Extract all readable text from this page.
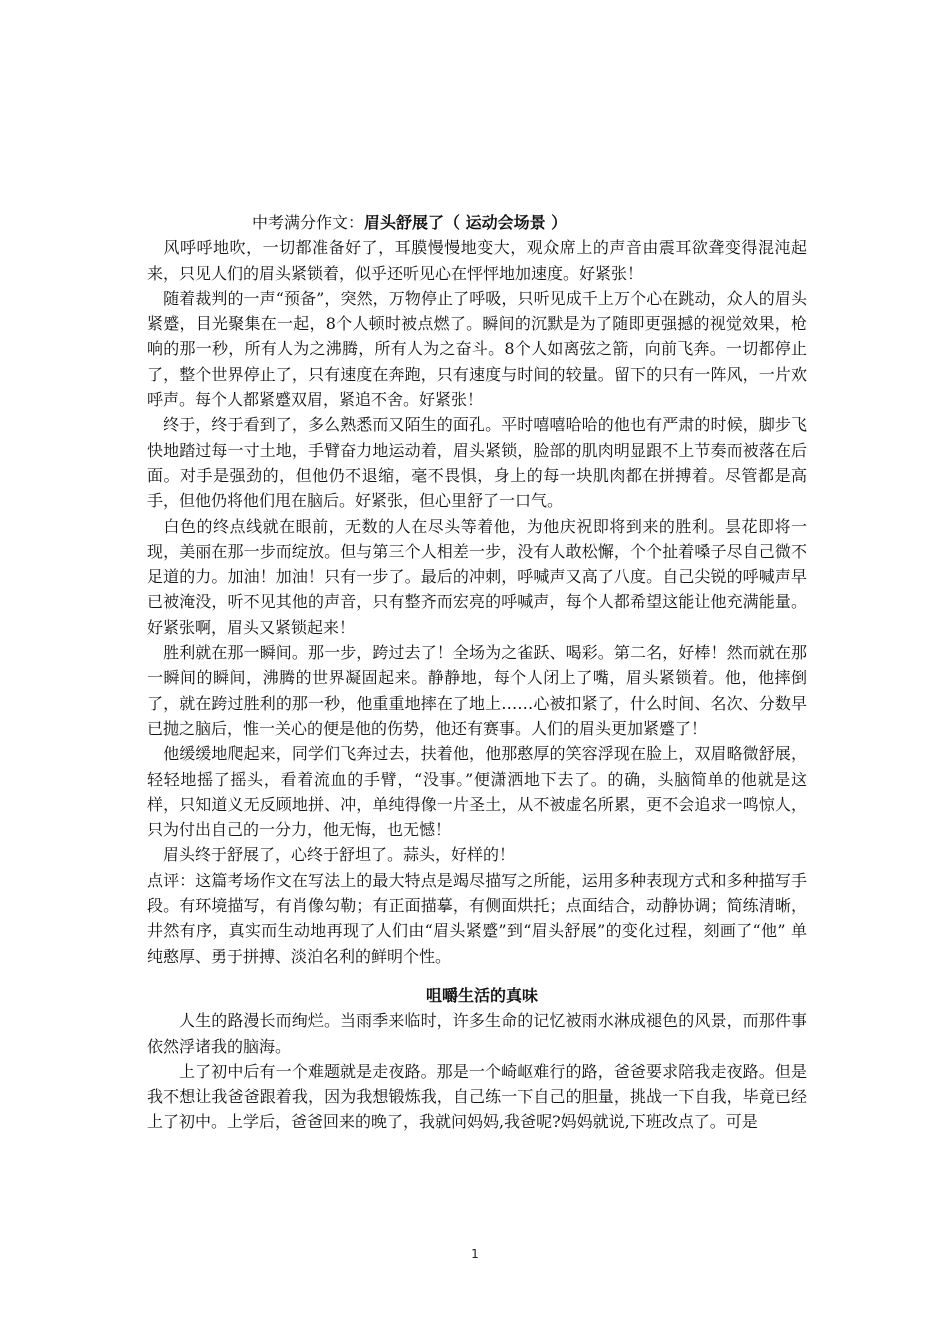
中考满分作文：眉头舒展了（ 运动会场景 ）

风呼呼地吹，一切都准备好了，耳膜慢慢地变大，观众席上的声音由震耳欲聋变得混沌起来，只见人们的眉头紧锁着，似乎还听见心在怦怦地加速度。好紧张！

随着裁判的一声“预备”，突然，万物停止了呼吸，只听见成千上万个心在跳动，众人的眉头紧蹙，目光聚集在一起，8个人顿时被点燃了。瞬间的沉默是为了随即更强撼的视觉效果，枪响的那一秒，所有人为之沸腾，所有人为之奋斗。8个人如离弦之箭，向前飞奔。一切都停止了，整个世界停止了，只有速度在奔跑，只有速度与时间的较量。留下的只有一阵风，一片欢呼声。每个人都紧蹙双眉，紧追不舍。好紧张！

终于，终于看到了，多么熟悉而又陌生的面孔。平时嘻嘻哈哈的他也有严肃的时候，脚步飞快地踏过每一寸土地，手臂奋力地运动着，眉头紧锁，脸部的肌肉明显跟不上节奏而被落在后面。对手是强劲的，但他仍不退缩，毫不畏惧，身上的每一块肌肉都在拼搏着。尽管都是高手，但他仍将他们甩在脑后。好紧张，但心里舒了一口气。

白色的终点线就在眼前，无数的人在尽头等着他，为他庆祝即将到来的胜利。昙花即将一现，美丽在那一步而绽放。但与第三个人相差一步，没有人敢松懈，个个扯着嗓子尽自己微不足道的力。加油！加油！只有一步了。最后的冲刺，呼喊声又高了八度。自己尖锐的呼喊声早已被淹没，听不见其他的声音，只有整齐而宏亮的呼喊声，每个人都希望这能让他充满能量。好紧张啊，眉头又紧锁起来！

胜利就在那一瞬间。那一步，跨过去了！全场为之雀跃、喝彩。第二名，好棒！然而就在那一瞬间的瞬间，沸腾的世界凝固起来。静静地，每个人闭上了嘴，眉头紧锁着。他，他摔倒了，就在跨过胜利的那一秒，他重重地摔在了地上……心被扣紧了，什么时间、名次、分数早已抛之脑后，惟一关心的便是他的伤势，他还有赛事。人们的眉头更加紧蹙了！

他缓缓地爬起来，同学们飞奔过去，扶着他，他那憨厚的笑容浮现在脸上，双眉略微舒展，轻轻地摇了摇头，看着流血的手臂，“没事。”便潇洒地下去了。的确，头脑简单的他就是这样，只知道义无反顾地拼、冲，单纯得像一片圣土，从不被虚名所累，更不会追求一鸣惊人，只为付出自己的一分力，他无悔，也无憾！

眉头终于舒展了，心终于舒坦了。蒜头，好样的！

点评：这篇考场作文在写法上的最大特点是竭尽描写之所能，运用多种表现方式和多种描写手段。有环境描写，有肖像勾勒；有正面描摹，有侧面烘托；点面结合，动静协调；简练清晰，井然有序，真实而生动地再现了人们由“眉头紧蹙”到“眉头舒展”的变化过程，刻画了“他” 单纯憨厚、勇于拼搏、淡泊名利的鲜明个性。

咀嚼生活的真味

人生的路漫长而绚烂。当雨季来临时，许多生命的记忆被雨水淋成褪色的风景，而那件事依然浮诸我的脑海。

上了初中后有一个难题就是走夜路。那是一个崎岖难行的路，爸爸要求陪我走夜路。但是我不想让我爸爸跟着我，因为我想锻炼我，自己练一下自己的胆量，挑战一下自我，毕竟已经上了初中。上学后，爸爸回来的晚了，我就问妈妈,我爸呢?妈妈就说,下班改点了。可是

1
